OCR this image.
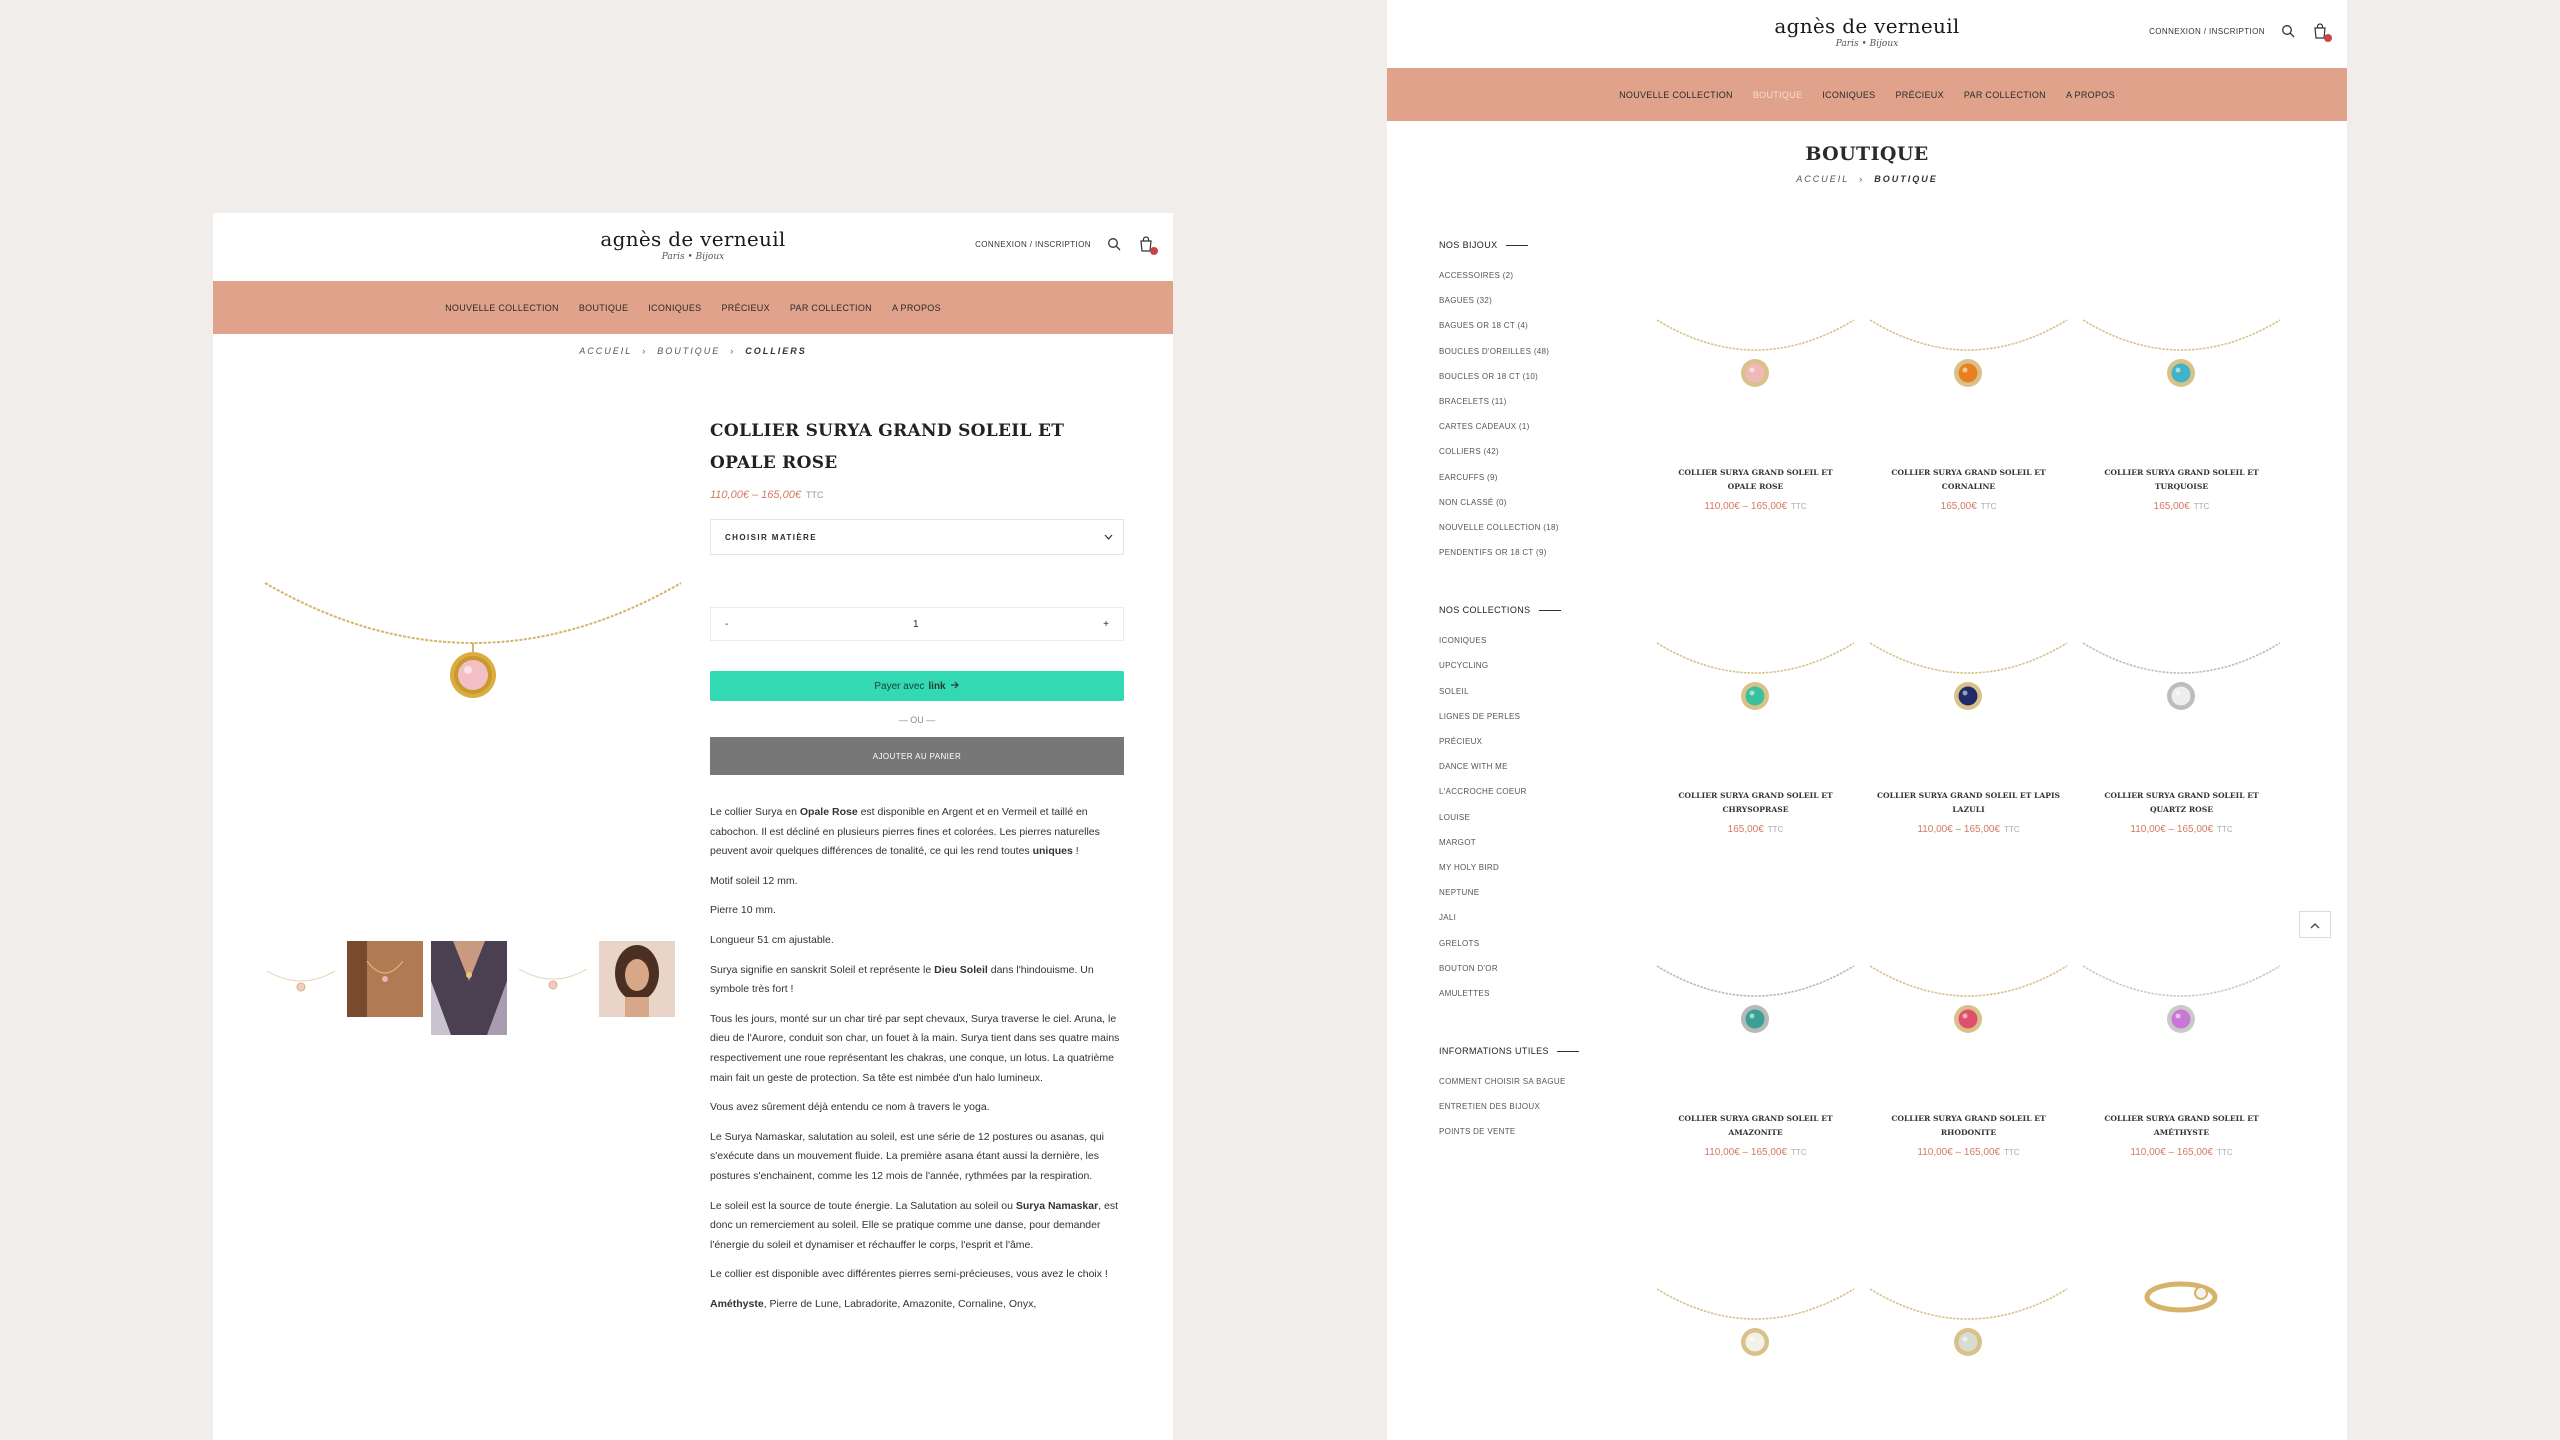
agnès de verneuil
Paris • Bijoux
CONNEXION / INSCRIPTION
NOUVELLE COLLECTION BOUTIQUE ICONIQUES PRÉCIEUX PAR COLLECTION A PROPOS
ACCUEIL › BOUTIQUE › COLLIERS
COLLIER SURYA GRAND SOLEIL ET OPALE ROSE
110,00€ – 165,00€ TTC
CHOISIR MATIÈRE
-	1	+
Payer avec link
— OU —
AJOUTER AU PANIER

Le collier Surya en Opale Rose est disponible en Argent et en Vermeil et taillé en cabochon. Il est décliné en plusieurs pierres fines et colorées. Les pierres naturelles peuvent avoir quelques différences de tonalité, ce qui les rend toutes uniques !

Motif soleil 12 mm.

Pierre 10 mm.

Longueur 51 cm ajustable.

Surya signifie en sanskrit Soleil et représente le Dieu Soleil dans l'hindouisme. Un symbole très fort !

Tous les jours, monté sur un char tiré par sept chevaux, Surya traverse le ciel. Aruna, le dieu de l'Aurore, conduit son char, un fouet à la main. Surya tient dans ses quatre mains respectivement une roue représentant les chakras, une conque, un lotus. La quatrième main fait un geste de protection. Sa tête est nimbée d'un halo lumineux.

Vous avez sûrement déjà entendu ce nom à travers le yoga.

Le Surya Namaskar, salutation au soleil, est une série de 12 postures ou asanas, qui s'exécute dans un mouvement fluide. La première asana étant aussi la dernière, les postures s'enchainent, comme les 12 mois de l'année, rythmées par la respiration.

Le soleil est la source de toute énergie. La Salutation au soleil ou Surya Namaskar, est donc un remerciement au soleil. Elle se pratique comme une danse, pour demander l'énergie du soleil et dynamiser et réchauffer le corps, l'esprit et l'âme.

Le collier est disponible avec différentes pierres semi-précieuses, vous avez le choix !

Améthyste, Pierre de Lune, Labradorite, Amazonite, Cornaline, Onyx,

agnès de verneuil
Paris • Bijoux
CONNEXION / INSCRIPTION
NOUVELLE COLLECTION BOUTIQUE ICONIQUES PRÉCIEUX PAR COLLECTION A PROPOS
BOUTIQUE
ACCUEIL › BOUTIQUE
NOS BIJOUX
ACCESSOIRES (2)
BAGUES (32)
BAGUES OR 18 CT (4)
BOUCLES D'OREILLES (48)
BOUCLES OR 18 CT (10)
BRACELETS (11)
CARTES CADEAUX (1)
COLLIERS (42)
EARCUFFS (9)
NON CLASSÉ (0)
NOUVELLE COLLECTION (18)
PENDENTIFS OR 18 CT (9)
NOS COLLECTIONS
ICONIQUES
UPCYCLING
SOLEIL
LIGNES DE PERLES
PRÉCIEUX
DANCE WITH ME
L'ACCROCHE COEUR
LOUISE
MARGOT
MY HOLY BIRD
NEPTUNE
JALI
GRELOTS
BOUTON D'OR
AMULETTES
INFORMATIONS UTILES
COMMENT CHOISIR SA BAGUE
ENTRETIEN DES BIJOUX
POINTS DE VENTE
COLLIER SURYA GRAND SOLEIL ET OPALE ROSE
110,00€ – 165,00€ TTC
COLLIER SURYA GRAND SOLEIL ET CORNALINE
165,00€ TTC
COLLIER SURYA GRAND SOLEIL ET TURQUOISE
165,00€ TTC
COLLIER SURYA GRAND SOLEIL ET CHRYSOPRASE
165,00€ TTC
COLLIER SURYA GRAND SOLEIL ET LAPIS LAZULI
110,00€ – 165,00€ TTC
COLLIER SURYA GRAND SOLEIL ET QUARTZ ROSE
110,00€ – 165,00€ TTC
COLLIER SURYA GRAND SOLEIL ET AMAZONITE
110,00€ – 165,00€ TTC
COLLIER SURYA GRAND SOLEIL ET RHODONITE
110,00€ – 165,00€ TTC
COLLIER SURYA GRAND SOLEIL ET AMÉTHYSTE
110,00€ – 165,00€ TTC
